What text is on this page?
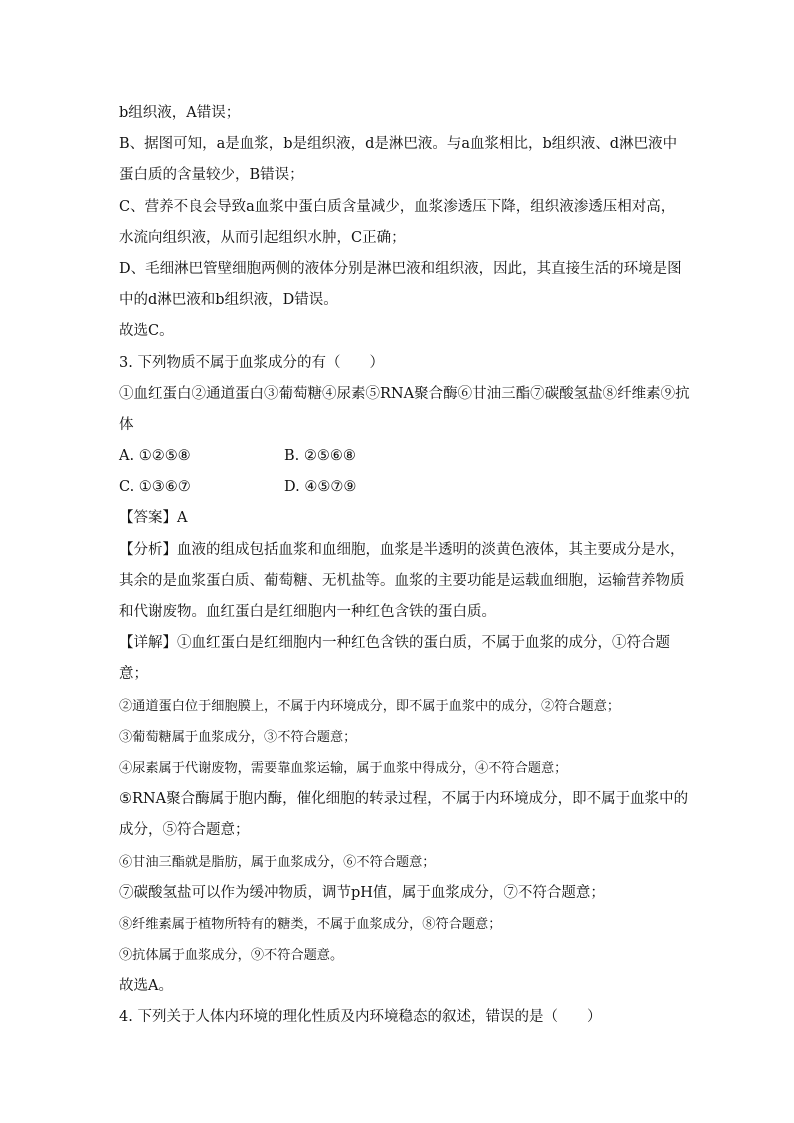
b组织液，A错误；
B、据图可知，a是血浆，b是组织液，d是淋巴液。与a血浆相比，b组织液、d淋巴液中
蛋白质的含量较少，B错误；
C、营养不良会导致a血浆中蛋白质含量减少，血浆渗透压下降，组织液渗透压相对高，
水流向组织液，从而引起组织水肿，C正确；
D、毛细淋巴管壁细胞两侧的液体分别是淋巴液和组织液，因此，其直接生活的环境是图
中的d淋巴液和b组织液，D错误。
故选C。
3. 下列物质不属于血浆成分的有（　　）
①血红蛋白②通道蛋白③葡萄糖④尿素⑤RNA聚合酶⑥甘油三酯⑦碳酸氢盐⑧纤维素⑨抗
体
A. ①②⑤⑧	B. ②⑤⑥⑧
C. ①③⑥⑦	D. ④⑤⑦⑨
【答案】A
【分析】血液的组成包括血浆和血细胞，血浆是半透明的淡黄色液体，其主要成分是水，
其余的是血浆蛋白质、葡萄糖、无机盐等。血浆的主要功能是运载血细胞，运输营养物质
和代谢废物。血红蛋白是红细胞内一种红色含铁的蛋白质。
【详解】①血红蛋白是红细胞内一种红色含铁的蛋白质，不属于血浆的成分，①符合题
意；
②通道蛋白位于细胞膜上，不属于内环境成分，即不属于血浆中的成分，②符合题意；
③葡萄糖属于血浆成分，③不符合题意；
④尿素属于代谢废物，需要靠血浆运输，属于血浆中得成分，④不符合题意；
⑤RNA聚合酶属于胞内酶，催化细胞的转录过程，不属于内环境成分，即不属于血浆中的
成分，⑤符合题意；
⑥甘油三酯就是脂肪，属于血浆成分，⑥不符合题意；
⑦碳酸氢盐可以作为缓冲物质，调节pH值，属于血浆成分，⑦不符合题意；
⑧纤维素属于植物所特有的糖类，不属于血浆成分，⑧符合题意；
⑨抗体属于血浆成分，⑨不符合题意。
故选A。
4. 下列关于人体内环境的理化性质及内环境稳态的叙述，错误的是（　　）
